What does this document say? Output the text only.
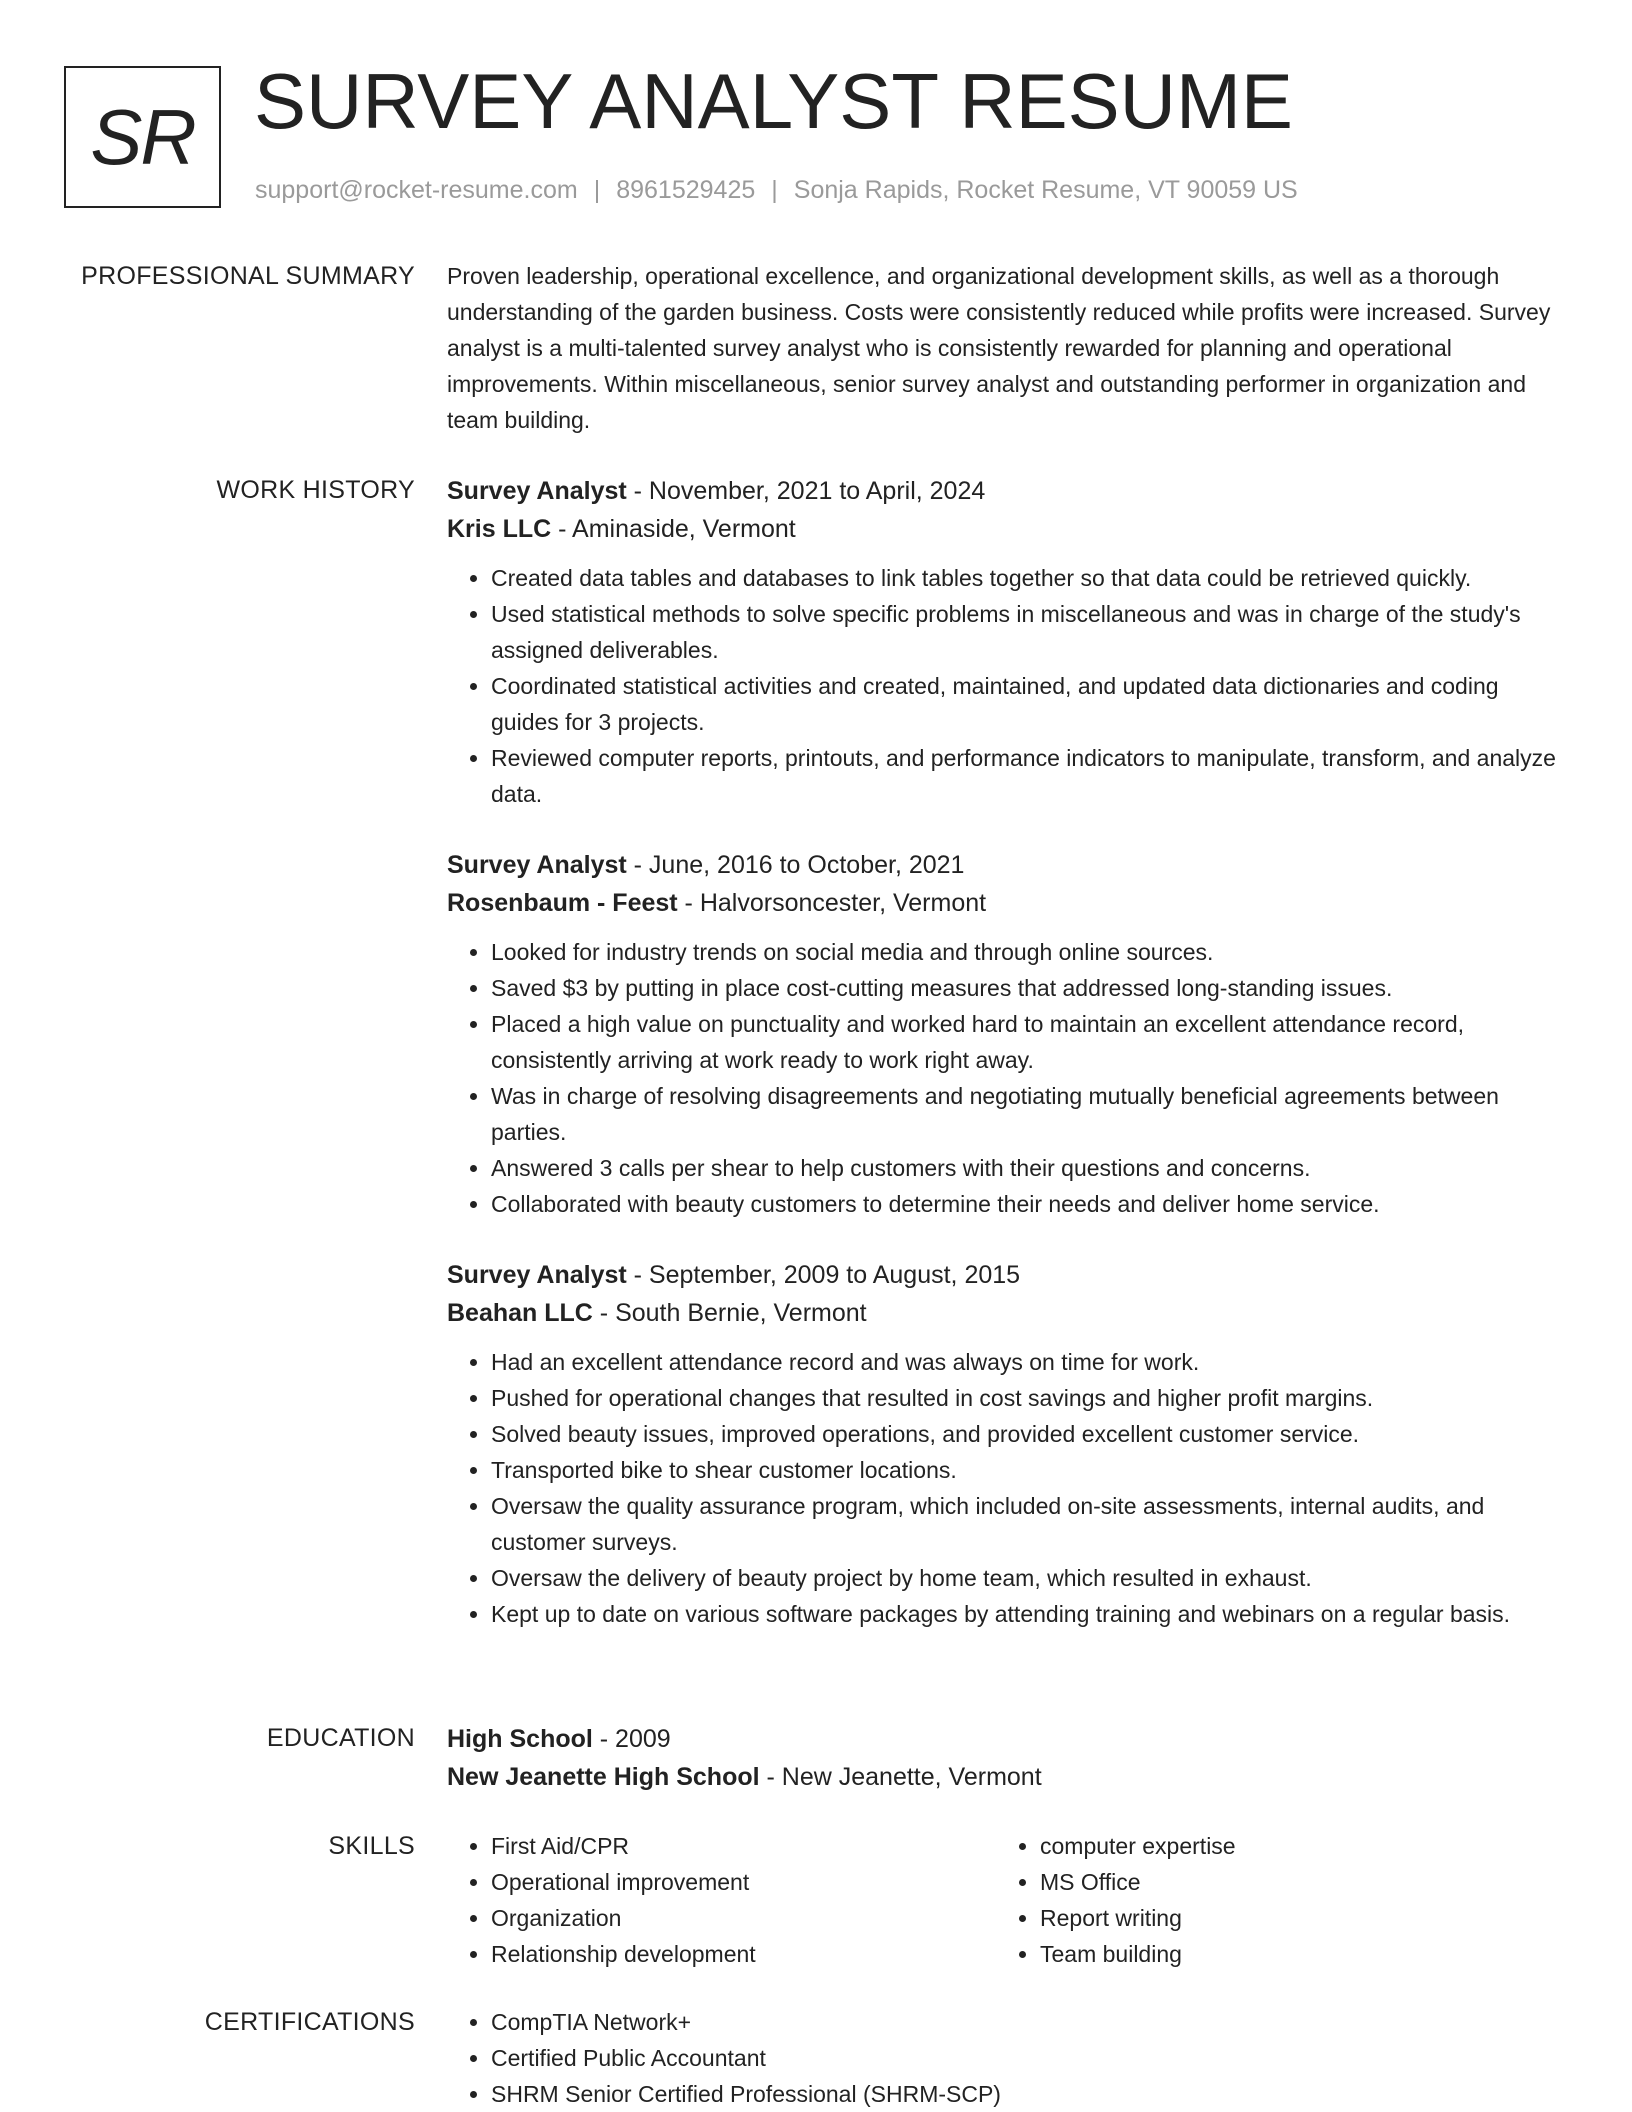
SR SURVEY ANALYST RESUME
support@rocket-resume.com | 8961529425 | Sonja Rapids, Rocket Resume, VT 90059 US
PROFESSIONAL SUMMARY Proven leadership, operational excellence, and organizational development skills, as well as a thorough understanding of the garden business. Costs were consistently reduced while profits were increased. Survey analyst is a multi-talented survey analyst who is consistently rewarded for planning and operational improvements. Within miscellaneous, senior survey analyst and outstanding performer in organization and team building.

WORK HISTORY Survey Analyst - November, 2021 to April, 2024

Kris LLC - Aminaside, Vermont

• Created data tables and databases to link tables together so that data could be retrieved quickly.
• Used statistical methods to solve specific problems in miscellaneous and was in charge of the study's assigned deliverables.
• Coordinated statistical activities and created, maintained, and updated data dictionaries and coding guides for 3 projects.
• Reviewed computer reports, printouts, and performance indicators to manipulate, transform, and analyze data.

Survey Analyst - June, 2016 to October, 2021

Rosenbaum - Feest - Halvorsoncester, Vermont

• Looked for industry trends on social media and through online sources.
• Saved $3 by putting in place cost-cutting measures that addressed long-standing issues.
• Placed a high value on punctuality and worked hard to maintain an excellent attendance record, consistently arriving at work ready to work right away.
• Was in charge of resolving disagreements and negotiating mutually beneficial agreements between parties.
• Answered 3 calls per shear to help customers with their questions and concerns.
• Collaborated with beauty customers to determine their needs and deliver home service.

Survey Analyst - September, 2009 to August, 2015

Beahan LLC - South Bernie, Vermont

• Had an excellent attendance record and was always on time for work.
• Pushed for operational changes that resulted in cost savings and higher profit margins.
• Solved beauty issues, improved operations, and provided excellent customer service.
• Transported bike to shear customer locations.
• Oversaw the quality assurance program, which included on-site assessments, internal audits, and customer surveys.
• Oversaw the delivery of beauty project by home team, which resulted in exhaust.
• Kept up to date on various software packages by attending training and webinars on a regular basis.
EDUCATION High School - 2009

New Jeanette High School - New Jeanette, Vermont

SKILLS	• First Aid/CPR
• Operational improvement
• Organization
• Relationship development
• computer expertise
• MS Office
• Report writing
• Team building
CERTIFICATIONS	• CompTIA Network+
• Certified Public Accountant
• SHRM Senior Certified Professional (SHRM-SCP)
